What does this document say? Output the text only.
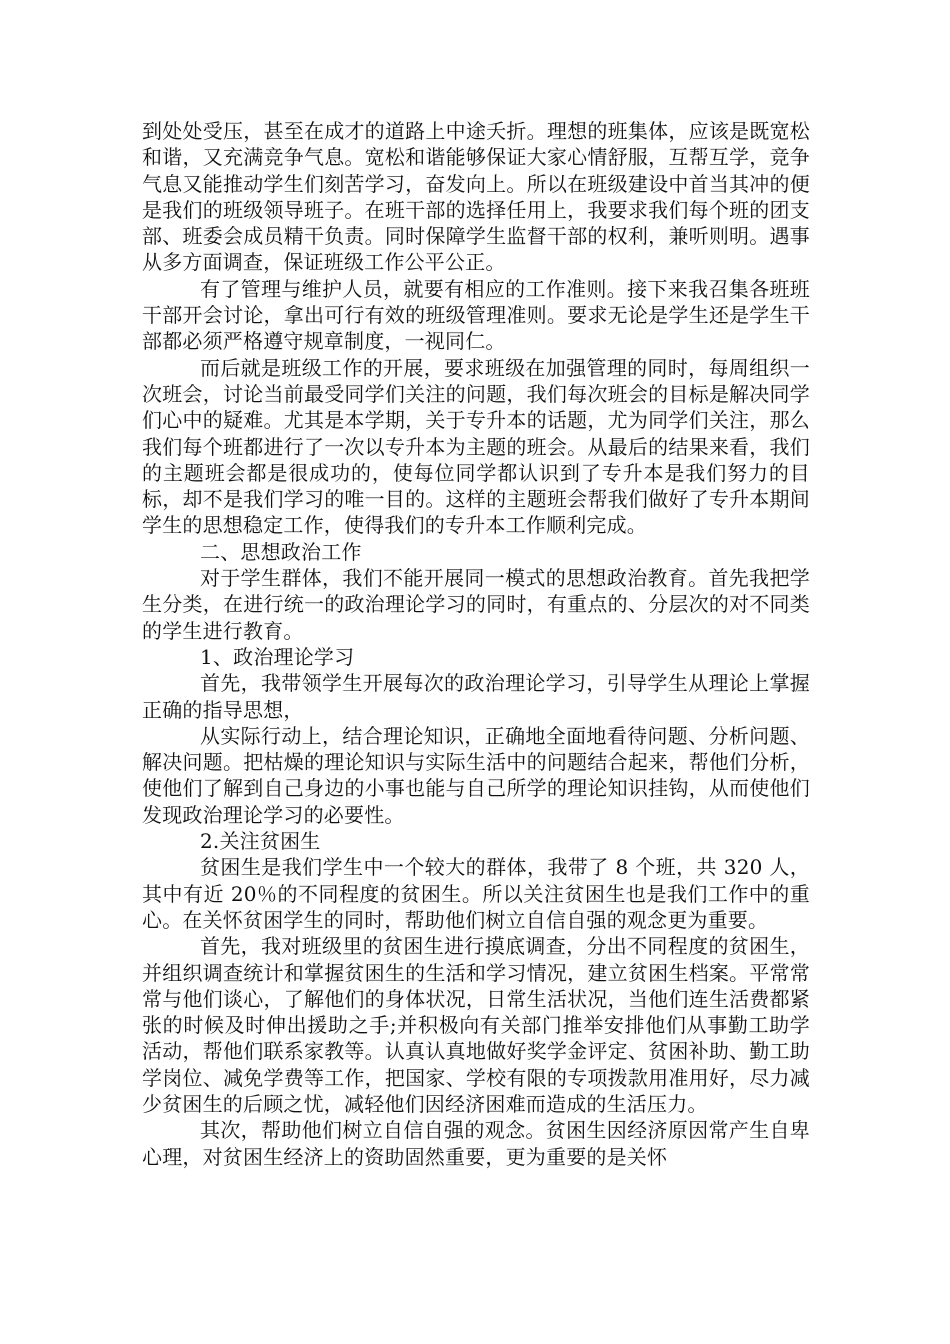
到处处受压，甚至在成才的道路上中途夭折。理想的班集体，应该是既宽松和谐，又充满竞争气息。宽松和谐能够保证大家心情舒服，互帮互学，竞争气息又能推动学生们刻苦学习，奋发向上。所以在班级建设中首当其冲的便是我们的班级领导班子。在班干部的选择任用上，我要求我们每个班的团支部、班委会成员精干负责。同时保障学生监督干部的权利，兼听则明。遇事从多方面调查，保证班级工作公平公正。

有了管理与维护人员，就要有相应的工作准则。接下来我召集各班班干部开会讨论，拿出可行有效的班级管理准则。要求无论是学生还是学生干部都必须严格遵守规章制度，一视同仁。

而后就是班级工作的开展，要求班级在加强管理的同时，每周组织一次班会，讨论当前最受同学们关注的问题，我们每次班会的目标是解决同学们心中的疑难。尤其是本学期，关于专升本的话题，尤为同学们关注，那么我们每个班都进行了一次以专升本为主题的班会。从最后的结果来看，我们的主题班会都是很成功的，使每位同学都认识到了专升本是我们努力的目标，却不是我们学习的唯一目的。这样的主题班会帮我们做好了专升本期间学生的思想稳定工作，使得我们的专升本工作顺利完成。

二、思想政治工作

对于学生群体，我们不能开展同一模式的思想政治教育。首先我把学生分类，在进行统一的政治理论学习的同时，有重点的、分层次的对不同类的学生进行教育。

1、政治理论学习

首先，我带领学生开展每次的政治理论学习，引导学生从理论上掌握正确的指导思想，

从实际行动上，结合理论知识，正确地全面地看待问题、分析问题、解决问题。把枯燥的理论知识与实际生活中的问题结合起来，帮他们分析，使他们了解到自己身边的小事也能与自己所学的理论知识挂钩，从而使他们发现政治理论学习的必要性。

2.关注贫困生

贫困生是我们学生中一个较大的群体，我带了 8 个班，共 320 人，其中有近 20％的不同程度的贫困生。所以关注贫困生也是我们工作中的重心。在关怀贫困学生的同时，帮助他们树立自信自强的观念更为重要。

首先，我对班级里的贫困生进行摸底调查，分出不同程度的贫困生，并组织调查统计和掌握贫困生的生活和学习情况，建立贫困生档案。平常常常与他们谈心，了解他们的身体状况，日常生活状况，当他们连生活费都紧张的时候及时伸出援助之手;并积极向有关部门推举安排他们从事勤工助学活动，帮他们联系家教等。认真认真地做好奖学金评定、贫困补助、勤工助学岗位、减免学费等工作，把国家、学校有限的专项拨款用准用好，尽力减少贫困生的后顾之忧，减轻他们因经济困难而造成的生活压力。

其次，帮助他们树立自信自强的观念。贫困生因经济原因常产生自卑心理，对贫困生经济上的资助固然重要，更为重要的是关怀
